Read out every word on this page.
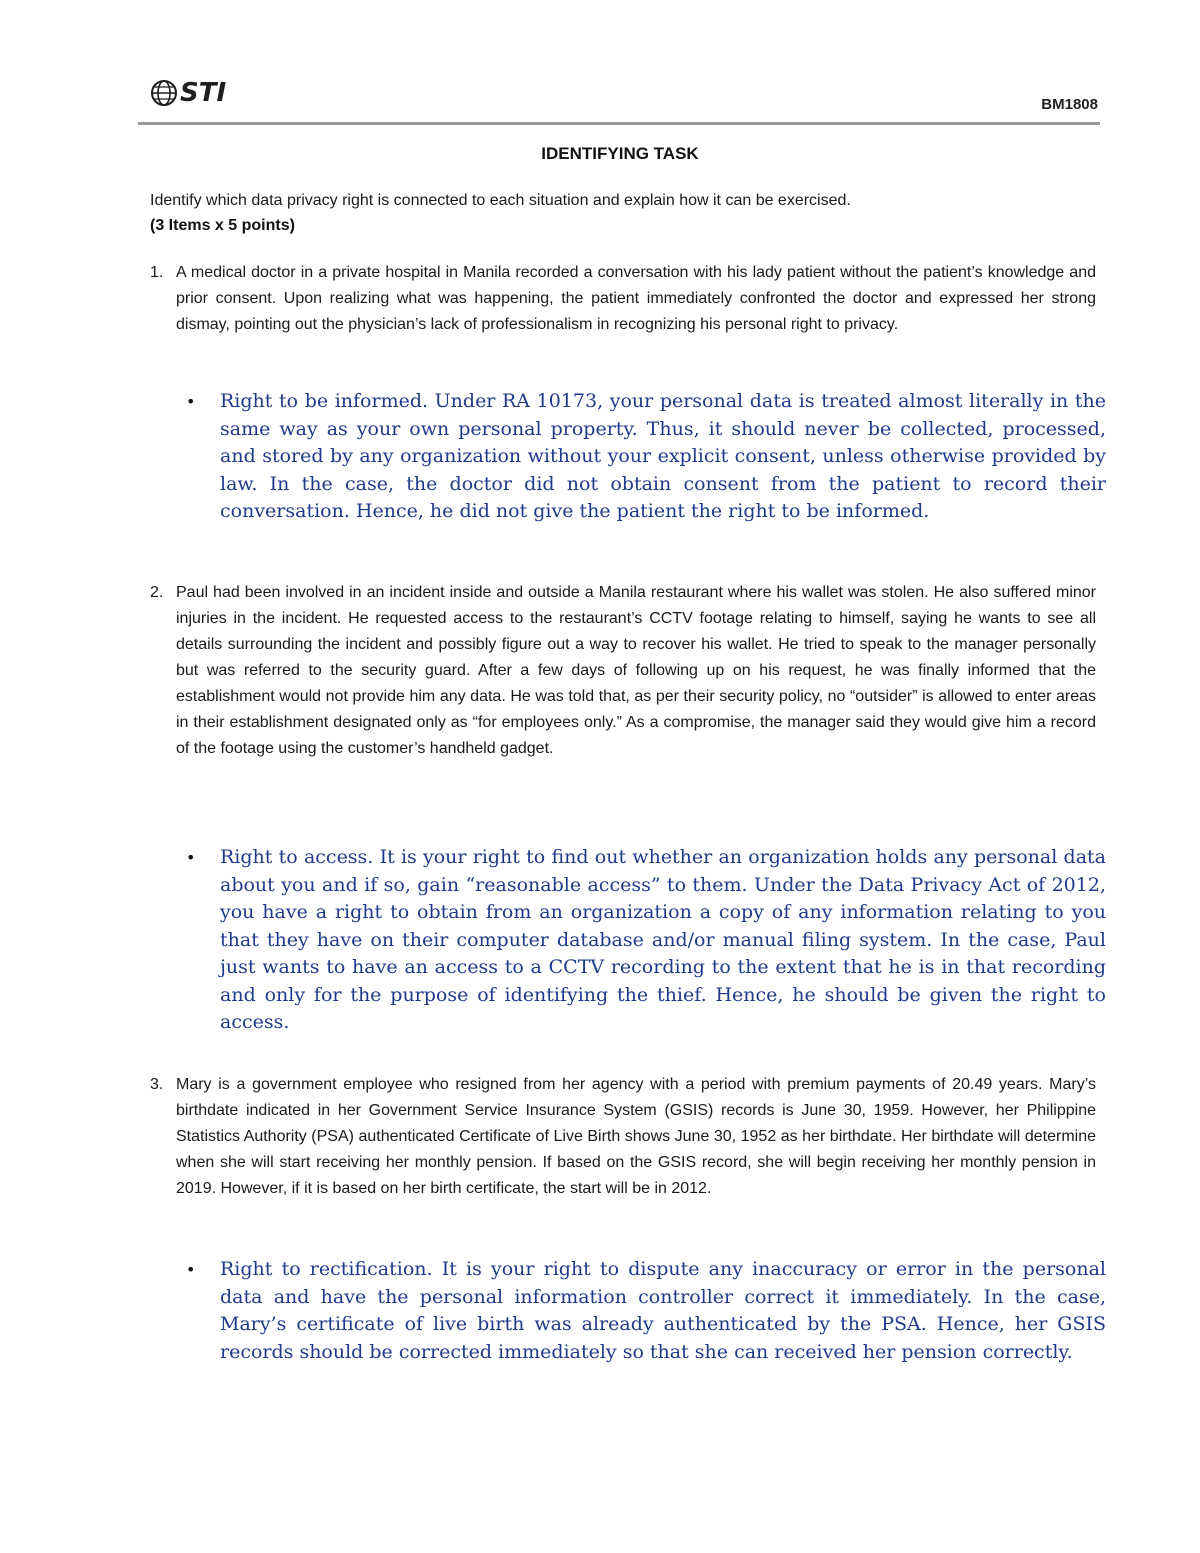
STI	BM1808
IDENTIFYING TASK
Identify which data privacy right is connected to each situation and explain how it can be exercised.
(3 Items x 5 points)
1. A medical doctor in a private hospital in Manila recorded a conversation with his lady patient without the patient’s knowledge and prior consent. Upon realizing what was happening, the patient immediately confronted the doctor and expressed her strong dismay, pointing out the physician’s lack of professionalism in recognizing his personal right to privacy.
• Right to be informed. Under RA 10173, your personal data is treated almost literally in the same way as your own personal property. Thus, it should never be collected, processed, and stored by any organization without your explicit consent, unless otherwise provided by law. In the case, the doctor did not obtain consent from the patient to record their conversation. Hence, he did not give the patient the right to be informed.
2. Paul had been involved in an incident inside and outside a Manila restaurant where his wallet was stolen. He also suffered minor injuries in the incident. He requested access to the restaurant’s CCTV footage relating to himself, saying he wants to see all details surrounding the incident and possibly figure out a way to recover his wallet. He tried to speak to the manager personally but was referred to the security guard. After a few days of following up on his request, he was finally informed that the establishment would not provide him any data. He was told that, as per their security policy, no “outsider” is allowed to enter areas in their establishment designated only as “for employees only.” As a compromise, the manager said they would give him a record of the footage using the customer’s handheld gadget.
• Right to access. It is your right to find out whether an organization holds any personal data about you and if so, gain “reasonable access” to them. Under the Data Privacy Act of 2012, you have a right to obtain from an organization a copy of any information relating to you that they have on their computer database and/or manual filing system. In the case, Paul just wants to have an access to a CCTV recording to the extent that he is in that recording and only for the purpose of identifying the thief. Hence, he should be given the right to access.
3. Mary is a government employee who resigned from her agency with a period with premium payments of 20.49 years. Mary’s birthdate indicated in her Government Service Insurance System (GSIS) records is June 30, 1959. However, her Philippine Statistics Authority (PSA) authenticated Certificate of Live Birth shows June 30, 1952 as her birthdate. Her birthdate will determine when she will start receiving her monthly pension. If based on the GSIS record, she will begin receiving her monthly pension in 2019. However, if it is based on her birth certificate, the start will be in 2012.
• Right to rectification. It is your right to dispute any inaccuracy or error in the personal data and have the personal information controller correct it immediately. In the case, Mary’s certificate of live birth was already authenticated by the PSA. Hence, her GSIS records should be corrected immediately so that she can received her pension correctly.
